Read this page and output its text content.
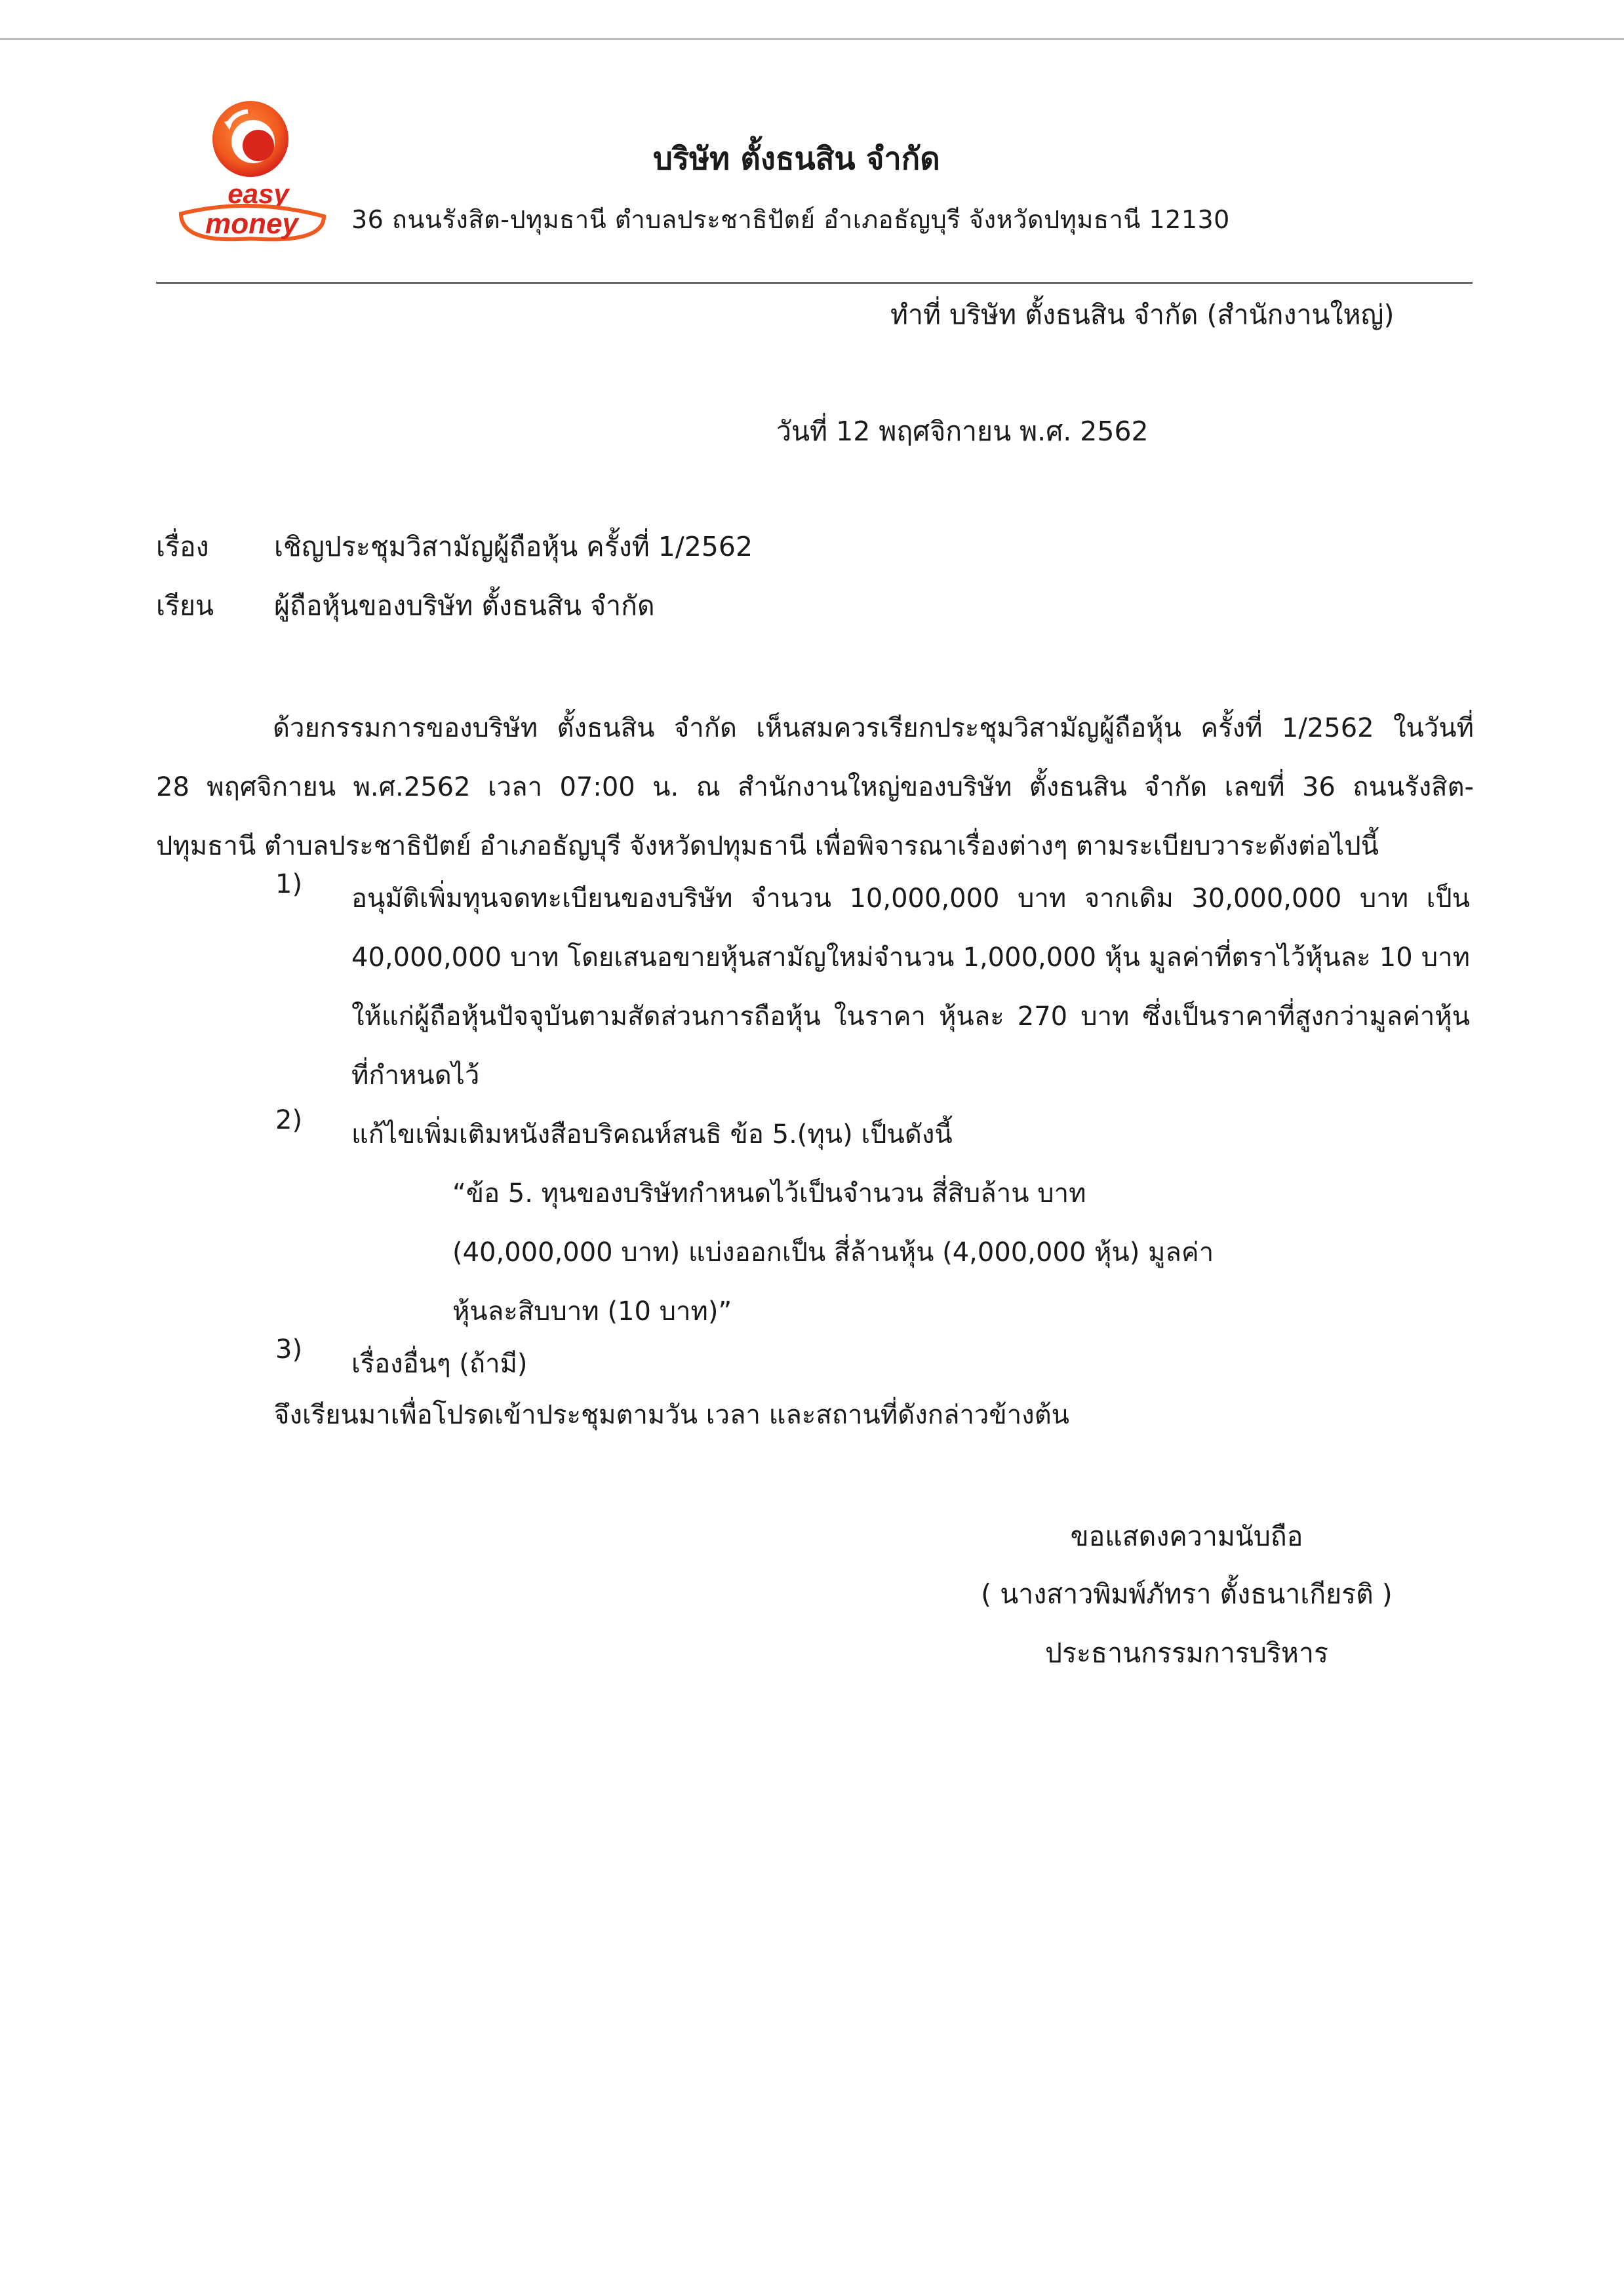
easy
money
บริษัท ตั้งธนสิน จำกัด
36 ถนนรังสิต-ปทุมธานี ตำบลประชาธิปัตย์ อำเภอธัญบุรี จังหวัดปทุมธานี 12130
ทำที่ บริษัท ตั้งธนสิน จำกัด (สำนักงานใหญ่)
วันที่ 12 พฤศจิกายน พ.ศ. 2562
เรื่อง เชิญประชุมวิสามัญผู้ถือหุ้น ครั้งที่ 1/2562
เรียน ผู้ถือหุ้นของบริษัท ตั้งธนสิน จำกัด

ด้วยกรรมการของบริษัท ตั้งธนสิน จำกัด เห็นสมควรเรียกประชุมวิสามัญผู้ถือหุ้น ครั้งที่ 1/2562 ในวันที่

28 พฤศจิกายน พ.ศ.2562 เวลา 07:00 น. ณ สำนักงานใหญ่ของบริษัท ตั้งธนสิน จำกัด เลขที่ 36 ถนนรังสิต-

ปทุมธานี ตำบลประชาธิปัตย์ อำเภอธัญบุรี จังหวัดปทุมธานี เพื่อพิจารณาเรื่องต่างๆ ตามระเบียบวาระดังต่อไปนี้

1) อนุมัติเพิ่มทุนจดทะเบียนของบริษัท จำนวน 10,000,000 บาท จากเดิม 30,000,000 บาท เป็น

40,000,000 บาท โดยเสนอขายหุ้นสามัญใหม่จำนวน 1,000,000 หุ้น มูลค่าที่ตราไว้หุ้นละ 10 บาท

ให้แก่ผู้ถือหุ้นปัจจุบันตามสัดส่วนการถือหุ้น ในราคา หุ้นละ 270 บาท ซึ่งเป็นราคาที่สูงกว่ามูลค่าหุ้น

ที่กำหนดไว้

2) แก้ไขเพิ่มเติมหนังสือบริคณห์สนธิ ข้อ 5.(ทุน) เป็นดังนี้

“ข้อ 5. ทุนของบริษัทกำหนดไว้เป็นจำนวน สี่สิบล้าน บาท

(40,000,000 บาท) แบ่งออกเป็น สี่ล้านหุ้น (4,000,000 หุ้น) มูลค่า

หุ้นละสิบบาท (10 บาท)”

3) เรื่องอื่นๆ (ถ้ามี)

จึงเรียนมาเพื่อโปรดเข้าประชุมตามวัน เวลา และสถานที่ดังกล่าวข้างต้น
ขอแสดงความนับถือ
( นางสาวพิมพ์ภัทรา ตั้งธนาเกียรติ )
ประธานกรรมการบริหาร
